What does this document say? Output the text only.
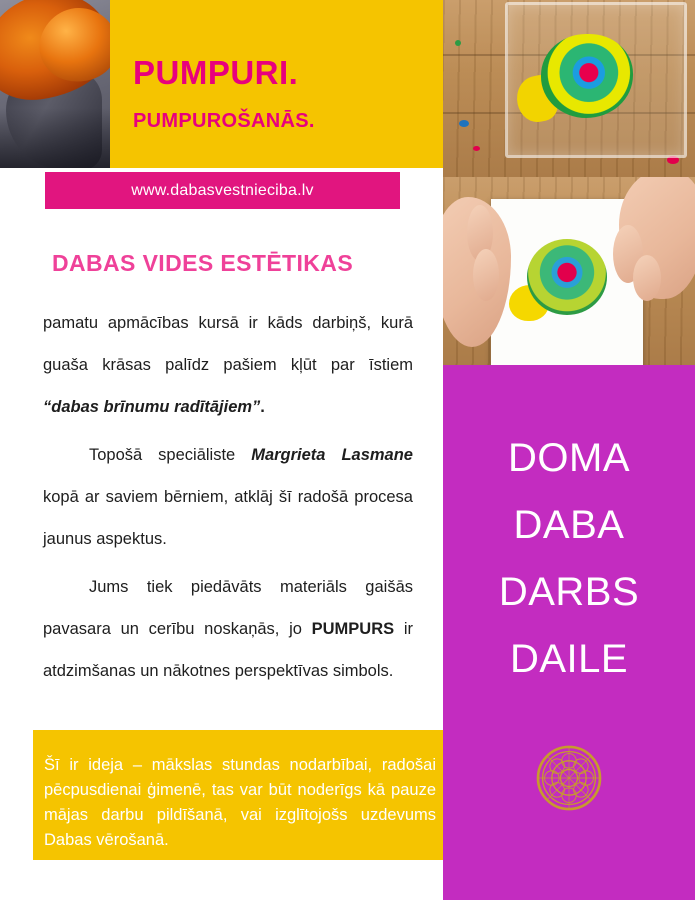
PUMPURI.
PUMPUROŠANĀS.
www.dabasvestnieciba.lv
DABAS VIDES ESTĒTIKAS

pamatu apmācības kursā ir kāds darbiņš, kurā guaša krāsas palīdz pašiem kļūt par īstiem “dabas brīnumu radītājiem”.

Topošā speciāliste Margrieta Lasmane kopā ar saviem bērniem, atklāj šī radošā procesa jaunus aspektus.

Jums tiek piedāvāts materiāls gaišās pavasara un cerību noskaņās, jo PUMPURS ir atdzimšanas un nākotnes perspektīvas simbols.

Šī ir ideja – mākslas stundas nodarbībai, radošai pēcpusdienai ģimenē, tas var būt noderīgs kā pauze mājas darbu pildīšanā, vai izglītojošs uzdevums Dabas vērošanā.
DOMA
DABA
DARBS
DAILE
